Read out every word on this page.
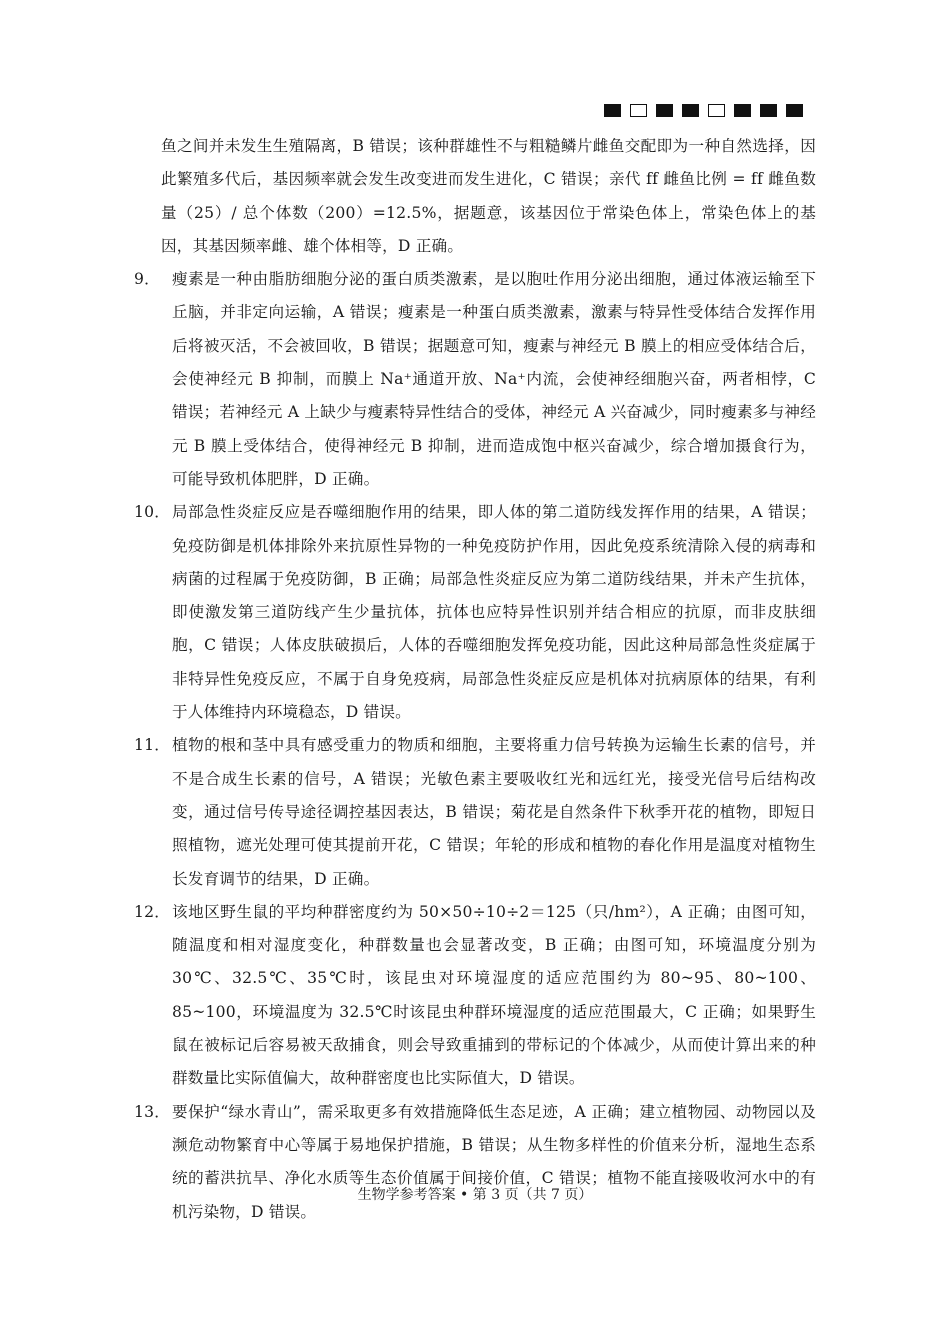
鱼之间并未发生生殖隔离，B 错误；该种群雄性不与粗糙鳞片雌鱼交配即为一种自然选择，因此繁殖多代后，基因频率就会发生改变进而发生进化，C 错误；亲代 ff 雌鱼比例 = ff 雌鱼数量（25）/ 总个体数（200）=12.5%，据题意，该基因位于常染色体上，常染色体上的基因，其基因频率雌、雄个体相等，D 正确。

9． 瘦素是一种由脂肪细胞分泌的蛋白质类激素，是以胞吐作用分泌出细胞，通过体液运输至下丘脑，并非定向运输，A 错误；瘦素是一种蛋白质类激素，激素与特异性受体结合发挥作用后将被灭活，不会被回收，B 错误；据题意可知，瘦素与神经元 B 膜上的相应受体结合后，会使神经元 B 抑制，而膜上 Na⁺通道开放、Na⁺内流，会使神经细胞兴奋，两者相悖，C 错误；若神经元 A 上缺少与瘦素特异性结合的受体，神经元 A 兴奋减少，同时瘦素多与神经元 B 膜上受体结合，使得神经元 B 抑制，进而造成饱中枢兴奋减少，综合增加摄食行为，可能导致机体肥胖，D 正确。
10． 局部急性炎症反应是吞噬细胞作用的结果，即人体的第二道防线发挥作用的结果，A 错误；免疫防御是机体排除外来抗原性异物的一种免疫防护作用，因此免疫系统清除入侵的病毒和病菌的过程属于免疫防御，B 正确；局部急性炎症反应为第二道防线结果，并未产生抗体，即使激发第三道防线产生少量抗体，抗体也应特异性识别并结合相应的抗原，而非皮肤细胞，C 错误；人体皮肤破损后，人体的吞噬细胞发挥免疫功能，因此这种局部急性炎症属于非特异性免疫反应，不属于自身免疫病，局部急性炎症反应是机体对抗病原体的结果，有利于人体维持内环境稳态，D 错误。
11． 植物的根和茎中具有感受重力的物质和细胞，主要将重力信号转换为运输生长素的信号，并不是合成生长素的信号，A 错误；光敏色素主要吸收红光和远红光，接受光信号后结构改变，通过信号传导途径调控基因表达，B 错误；菊花是自然条件下秋季开花的植物，即短日照植物，遮光处理可使其提前开花，C 错误；年轮的形成和植物的春化作用是温度对植物生长发育调节的结果，D 正确。
12． 该地区野生鼠的平均种群密度约为 50×50÷10÷2＝125（只/hm²），A 正确；由图可知，随温度和相对湿度变化，种群数量也会显著改变，B 正确；由图可知，环境温度分别为 30℃、32.5℃、35℃时，该昆虫对环境湿度的适应范围约为 80~95、80~100、85~100，环境温度为 32.5℃时该昆虫种群环境湿度的适应范围最大，C 正确；如果野生鼠在被标记后容易被天敌捕食，则会导致重捕到的带标记的个体减少，从而使计算出来的种群数量比实际值偏大，故种群密度也比实际值大，D 错误。
13． 要保护“绿水青山”，需采取更多有效措施降低生态足迹，A 正确；建立植物园、动物园以及濒危动物繁育中心等属于易地保护措施，B 错误；从生物多样性的价值来分析，湿地生态系统的蓄洪抗旱、净化水质等生态价值属于间接价值，C 错误；植物不能直接吸收河水中的有机污染物，D 错误。
生物学参考答案 • 第 3 页（共 7 页）
